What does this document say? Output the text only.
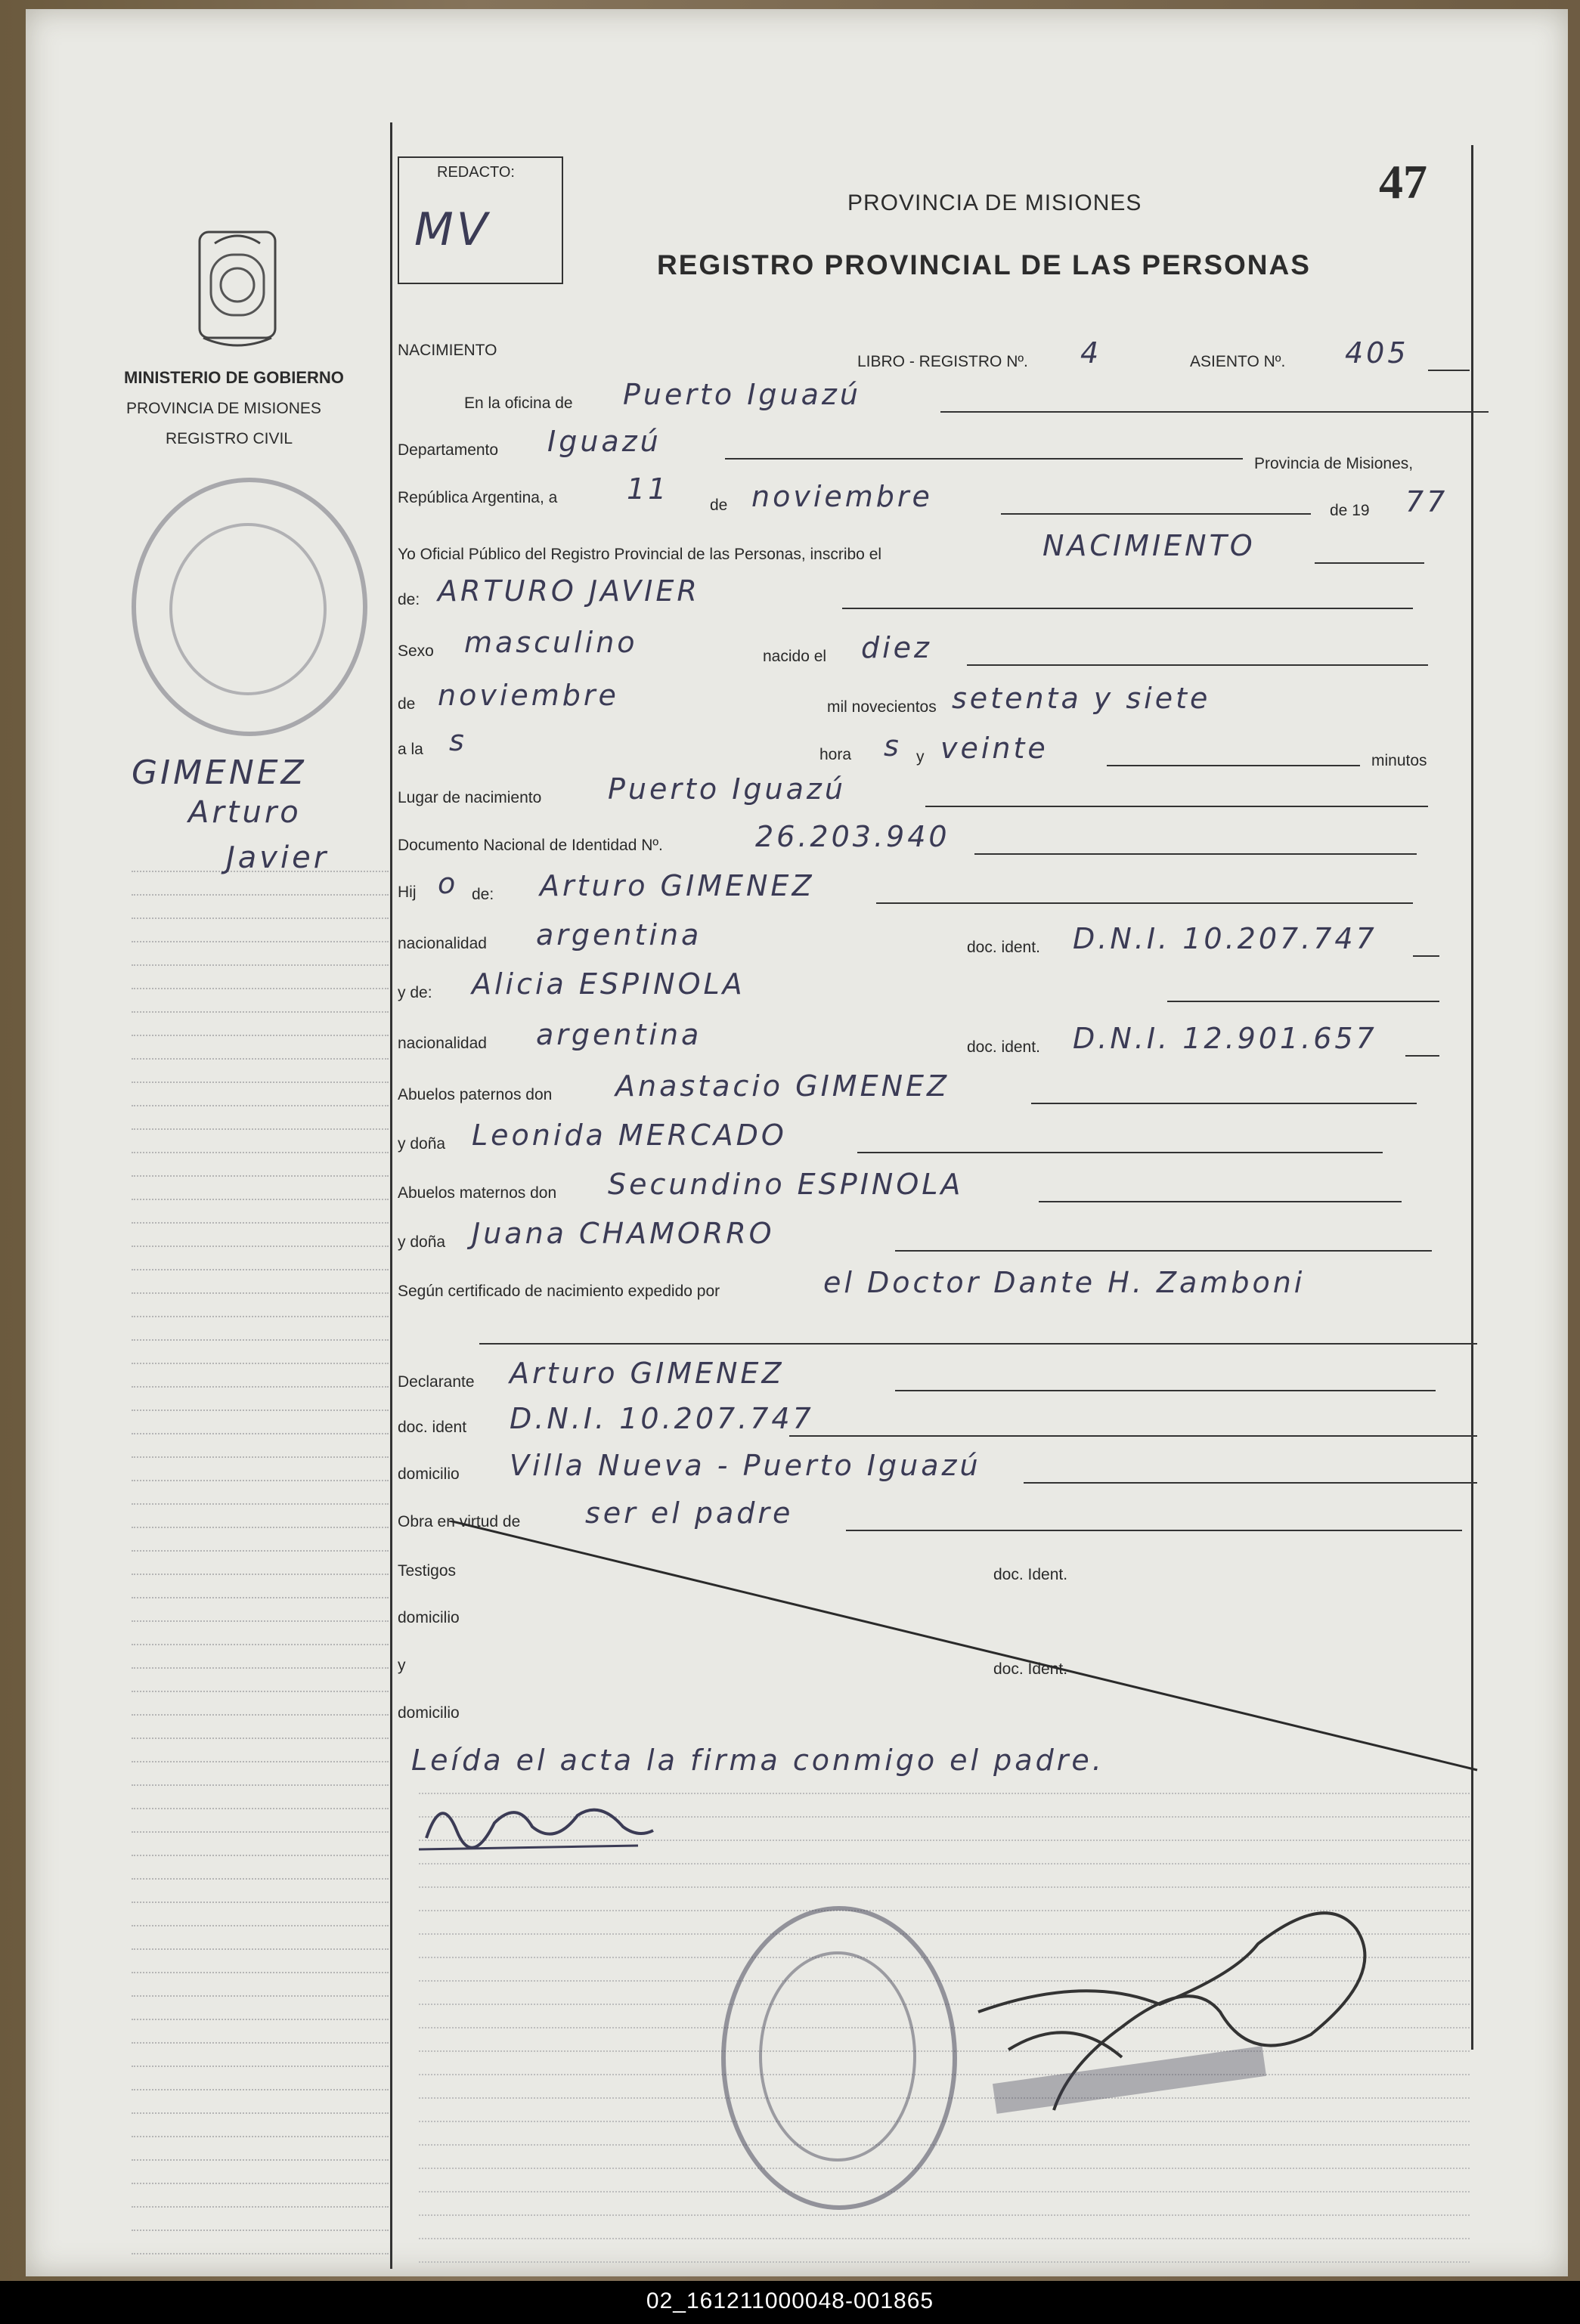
MINISTERIO DE GOBIERNO
PROVINCIA DE MISIONES
REGISTRO CIVIL
GIMENEZ
Arturo
Javier
REDACTO:
MV
47
PROVINCIA DE MISIONES
REGISTRO PROVINCIAL DE LAS PERSONAS
NACIMIENTO
LIBRO - REGISTRO Nº. 4	ASIENTO Nº. 405
En la oficina de Puerto Iguazú
Departamento Iguazú
Provincia de Misiones,
República Argentina, a 11	de noviembre	de 19 77
Yo Oficial Público del Registro Provincial de las Personas, inscribo el	NACIMIENTO
de: ARTURO JAVIER
Sexo masculino	nacido el diez
de noviembre	mil novecientos setenta y siete
a la s	hora s y veinte	minutos
Lugar de nacimiento Puerto Iguazú
Documento Nacional de Identidad Nº.	26.203.940
Hij o de: Arturo GIMENEZ
nacionalidad argentina	doc. ident. D.N.I. 10.207.747
y de: Alicia ESPINOLA
nacionalidad argentina	doc. ident. D.N.I. 12.901.657
Abuelos paternos don Anastacio GIMENEZ
y doña Leonida MERCADO
Abuelos maternos don Secundino ESPINOLA
y doña Juana CHAMORRO
Según certificado de nacimiento expedido por	el Doctor Dante H. Zamboni
Declarante Arturo GIMENEZ
doc. ident D.N.I. 10.207.747
domicilio Villa Nueva - Puerto Iguazú
Obra en virtud de ser el padre
Testigos	doc. Ident.
domicilio
y	doc. Ident.
domicilio
Leída el acta la firma conmigo el padre.
02_161211000048-001865
